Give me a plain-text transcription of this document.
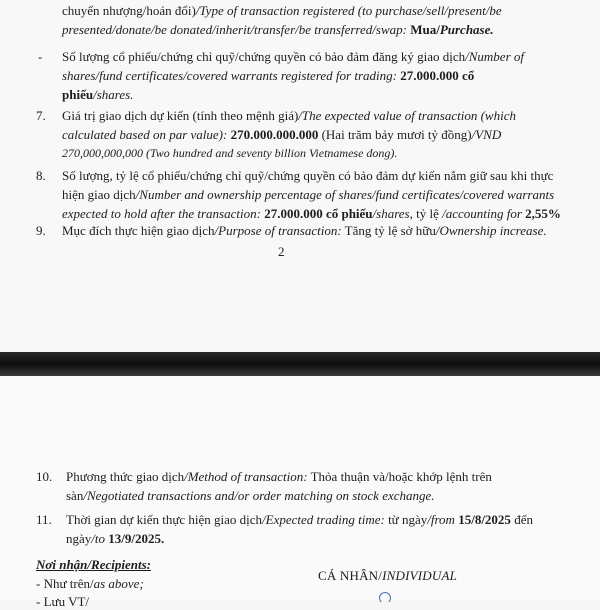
chuyển nhượng/hoán đổi)/Type of transaction registered (to purchase/sell/present/be
presented/donate/be donated/inherit/transfer/be transferred/swap: Mua/Purchase.
- Số lượng cổ phiếu/chứng chỉ quỹ/chứng quyền có bảo đảm đăng ký giao dịch/Number of
shares/fund certificates/covered warrants registered for trading: 27.000.000 cổ
phiếu/shares.
7. Giá trị giao dịch dự kiến (tính theo mệnh giá)/The expected value of transaction (which
calculated based on par value): 270.000.000.000 (Hai trăm bảy mươi tỷ đồng)/VND
270,000,000,000 (Two hundred and seventy billion Vietnamese dong).
8. Số lượng, tỷ lệ cổ phiếu/chứng chỉ quỹ/chứng quyền có bảo đảm dự kiến nắm giữ sau khi thực
hiện giao dịch/Number and ownership percentage of shares/fund certificates/covered warrants
expected to hold after the transaction: 27.000.000 cổ phiếu/shares, tỷ lệ /accounting for 2,55%
9. Mục đích thực hiện giao dịch/Purpose of transaction: Tăng tỷ lệ sở hữu/Ownership increase.
2
10. Phương thức giao dịch/Method of transaction: Thỏa thuận và/hoặc khớp lệnh trên
sàn/Negotiated transactions and/or order matching on stock exchange.
11. Thời gian dự kiến thực hiện giao dịch/Expected trading time: từ ngày/from 15/8/2025 đến
ngày/to 13/9/2025.
Nơi nhận/Recipients:
- Như trên/as above;
- Lưu VT/
CÁ NHÂN/INDIVIDUAL
